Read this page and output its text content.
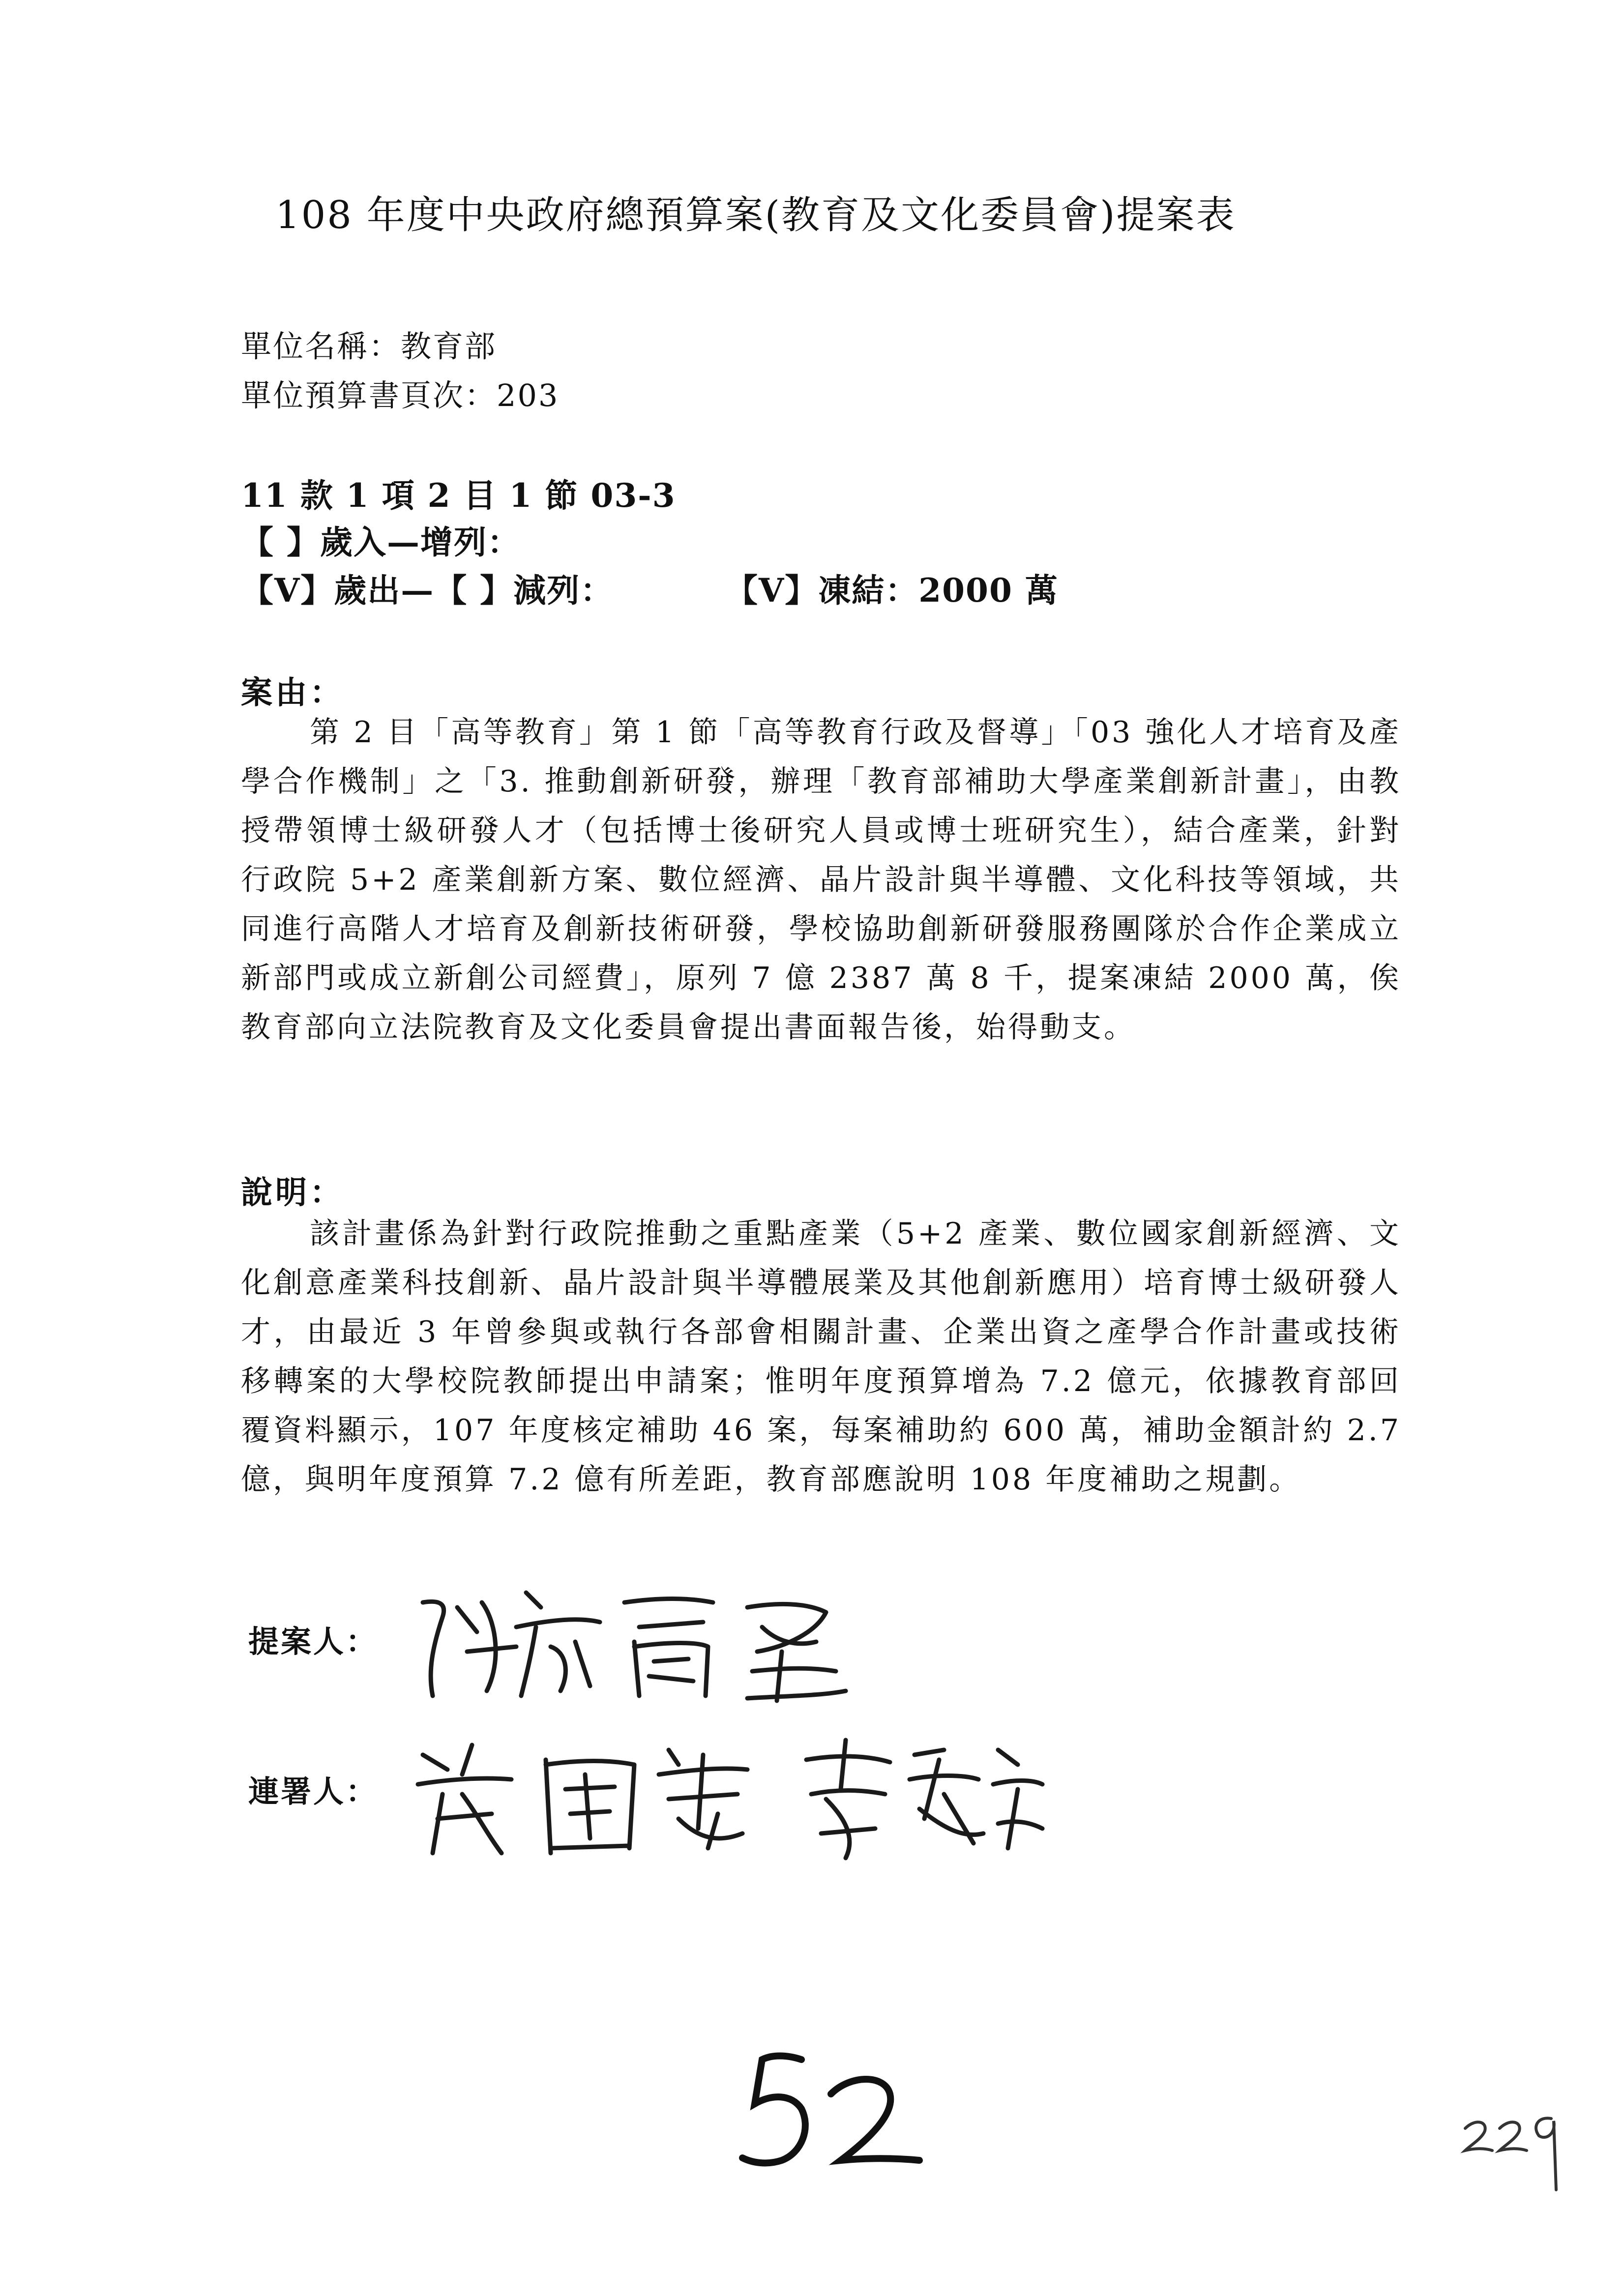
108 年度中央政府總預算案(教育及文化委員會)提案表
單位名稱：教育部
單位預算書頁次：203
11 款 1 項 2 目 1 節 03-3
【 】歲入—增列：
【V】歲出—【 】減列：	【V】凍結：2000 萬
案由：

第 2 目「高等教育」第 1 節「高等教育行政及督導」「03 強化人才培育及產學合作機制」之「3. 推動創新研發，辦理「教育部補助大學產業創新計畫」，由教授帶領博士級研發人才（包括博士後研究人員或博士班研究生），結合產業，針對行政院 5+2 產業創新方案、數位經濟、晶片設計與半導體、文化科技等領域，共同進行高階人才培育及創新技術研發，學校協助創新研發服務團隊於合作企業成立新部門或成立新創公司經費」，原列 7 億 2387 萬 8 千，提案凍結 2000 萬，俟教育部向立法院教育及文化委員會提出書面報告後，始得動支。

說明：

該計畫係為針對行政院推動之重點產業（5+2 產業、數位國家創新經濟、文化創意產業科技創新、晶片設計與半導體展業及其他創新應用）培育博士級研發人才，由最近 3 年曾參與或執行各部會相關計畫、企業出資之產學合作計畫或技術移轉案的大學校院教師提出申請案；惟明年度預算增為 7.2 億元，依據教育部回覆資料顯示，107 年度核定補助 46 案，每案補助約 600 萬，補助金額計約 2.7 億，與明年度預算 7.2 億有所差距，教育部應說明 108 年度補助之規劃。

提案人：
連署人：
